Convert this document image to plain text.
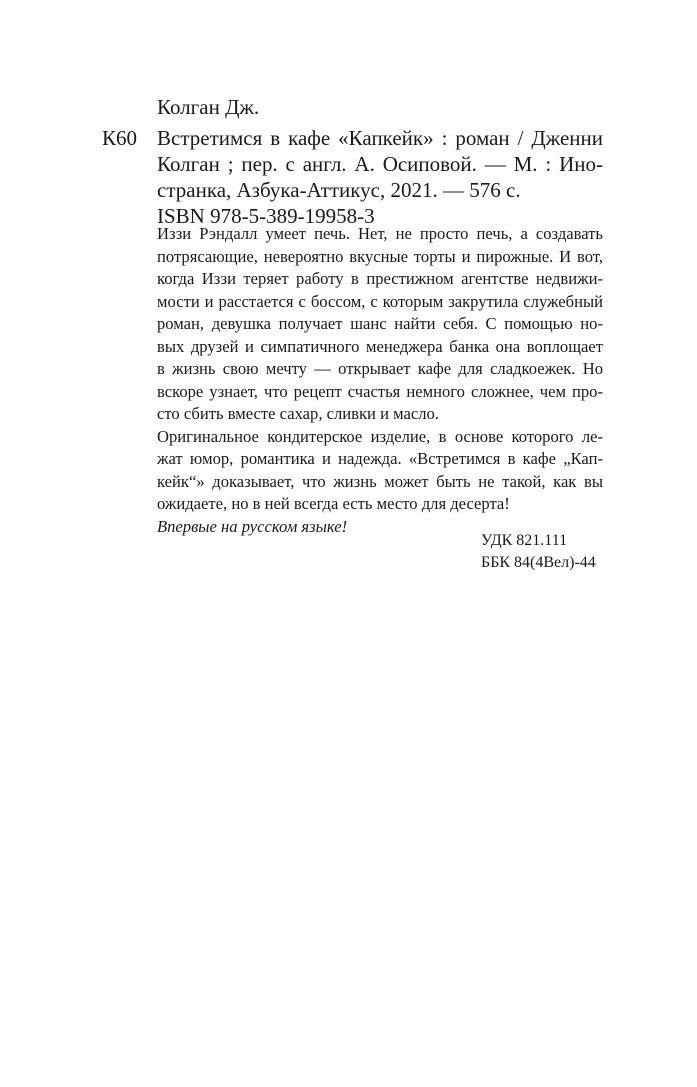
Колган Дж.
К60 Встретимся в кафе «Капкейк» : роман / Дженни
Колган ; пер. с англ. А. Осиповой. — М. : Ино-
странка, Азбука-Аттикус, 2021. — 576 с.
ISBN 978-5-389-19958-3
Иззи Рэндалл умеет печь. Нет, не просто печь, а создавать
потрясающие, невероятно вкусные торты и пирожные. И вот,
когда Иззи теряет работу в престижном агентстве недвижи-
мости и расстается с боссом, с которым закрутила служебный
роман, девушка получает шанс найти себя. С помощью но-
вых друзей и симпатичного менеджера банка она воплощает
в жизнь свою мечту — открывает кафе для сладкоежек. Но
вскоре узнает, что рецепт счастья немного сложнее, чем про-
сто сбить вместе сахар, сливки и масло.
Оригинальное кондитерское изделие, в основе которого ле-
жат юмор, романтика и надежда. «Встретимся в кафе „Кап-
кейк“» доказывает, что жизнь может быть не такой, как вы
ожидаете, но в ней всегда есть место для десерта!
Впервые на русском языке!
УДК 821.111
ББК 84(4Вел)-44
